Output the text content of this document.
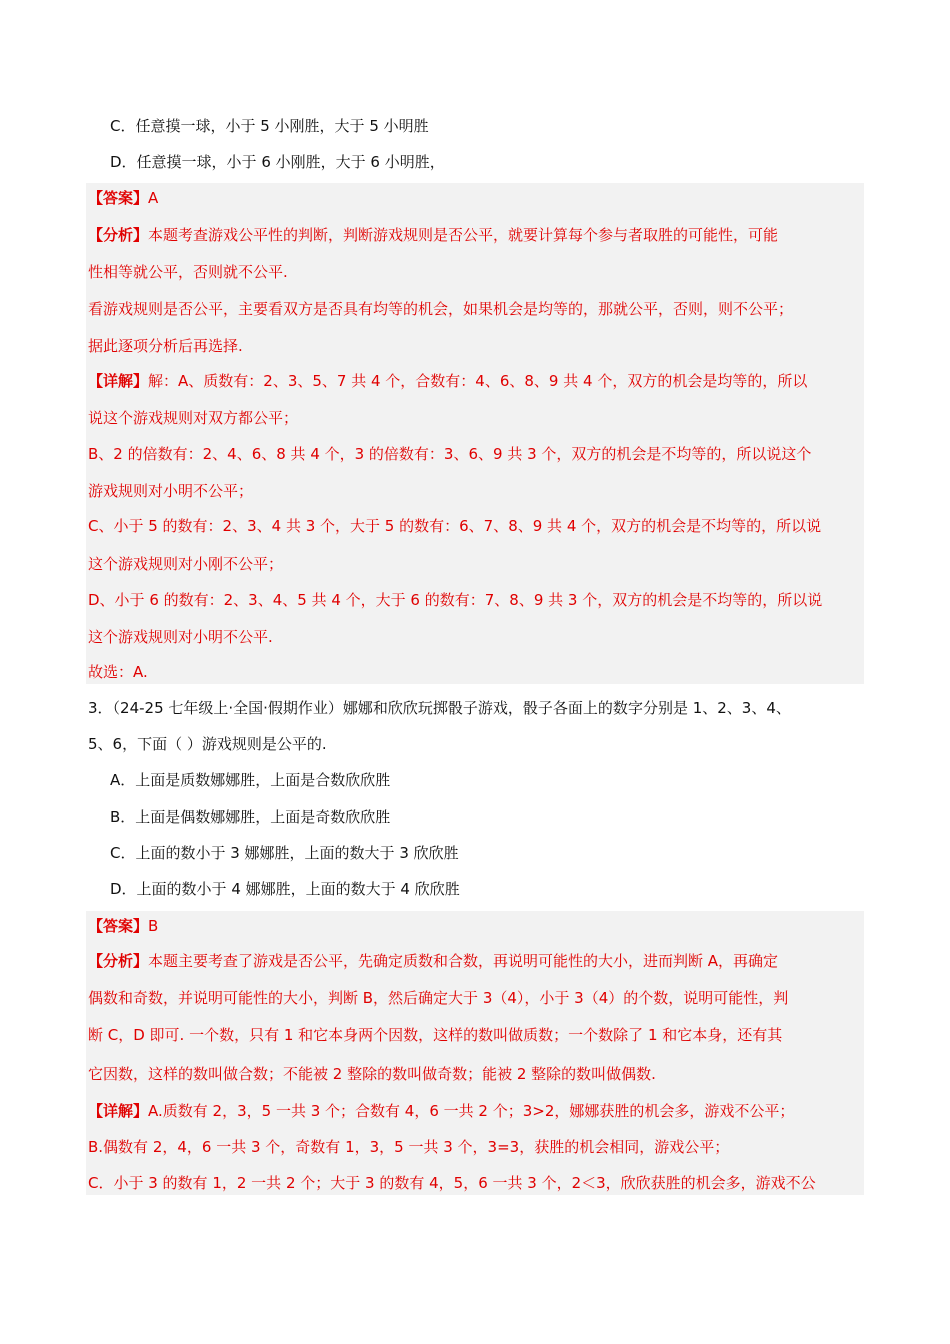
C．任意摸一球，小于 5 小刚胜，大于 5 小明胜
D．任意摸一球，小于 6 小刚胜，大于 6 小明胜，
【答案】A
【分析】本题考查游戏公平性的判断，判断游戏规则是否公平，就要计算每个参与者取胜的可能性，可能
性相等就公平，否则就不公平.
看游戏规则是否公平，主要看双方是否具有均等的机会，如果机会是均等的，那就公平，否则，则不公平；
据此逐项分析后再选择.
【详解】解：A、质数有：2、3、5、7 共 4 个，合数有：4、6、8、9 共 4 个，双方的机会是均等的，所以
说这个游戏规则对双方都公平；
B、2 的倍数有：2、4、6、8 共 4 个，3 的倍数有：3、6、9 共 3 个，双方的机会是不均等的，所以说这个
游戏规则对小明不公平；
C、小于 5 的数有：2、3、4 共 3 个，大于 5 的数有：6、7、8、9 共 4 个，双方的机会是不均等的，所以说
这个游戏规则对小刚不公平；
D、小于 6 的数有：2、3、4、5 共 4 个，大于 6 的数有：7、8、9 共 3 个，双方的机会是不均等的，所以说
这个游戏规则对小明不公平.
故选：A.
3．（24-25 七年级上·全国·假期作业）娜娜和欣欣玩掷骰子游戏，骰子各面上的数字分别是 1、2、3、4、
5、6，下面（ ）游戏规则是公平的.
A．上面是质数娜娜胜，上面是合数欣欣胜
B．上面是偶数娜娜胜，上面是奇数欣欣胜
C．上面的数小于 3 娜娜胜，上面的数大于 3 欣欣胜
D．上面的数小于 4 娜娜胜，上面的数大于 4 欣欣胜
【答案】B
【分析】本题主要考查了游戏是否公平，先确定质数和合数，再说明可能性的大小，进而判断 A，再确定
偶数和奇数，并说明可能性的大小，判断 B，然后确定大于 3（4），小于 3（4）的个数，说明可能性，判
断 C，D 即可. 一个数，只有 1 和它本身两个因数，这样的数叫做质数；一个数除了 1 和它本身，还有其
它因数，这样的数叫做合数；不能被 2 整除的数叫做奇数；能被 2 整除的数叫做偶数.
【详解】A.质数有 2，3，5 一共 3 个；合数有 4，6 一共 2 个；3>2，娜娜获胜的机会多，游戏不公平；
B.偶数有 2，4，6 一共 3 个，奇数有 1，3，5 一共 3 个，3=3，获胜的机会相同，游戏公平；
C．小于 3 的数有 1，2 一共 2 个；大于 3 的数有 4，5，6 一共 3 个，2＜3，欣欣获胜的机会多，游戏不公
